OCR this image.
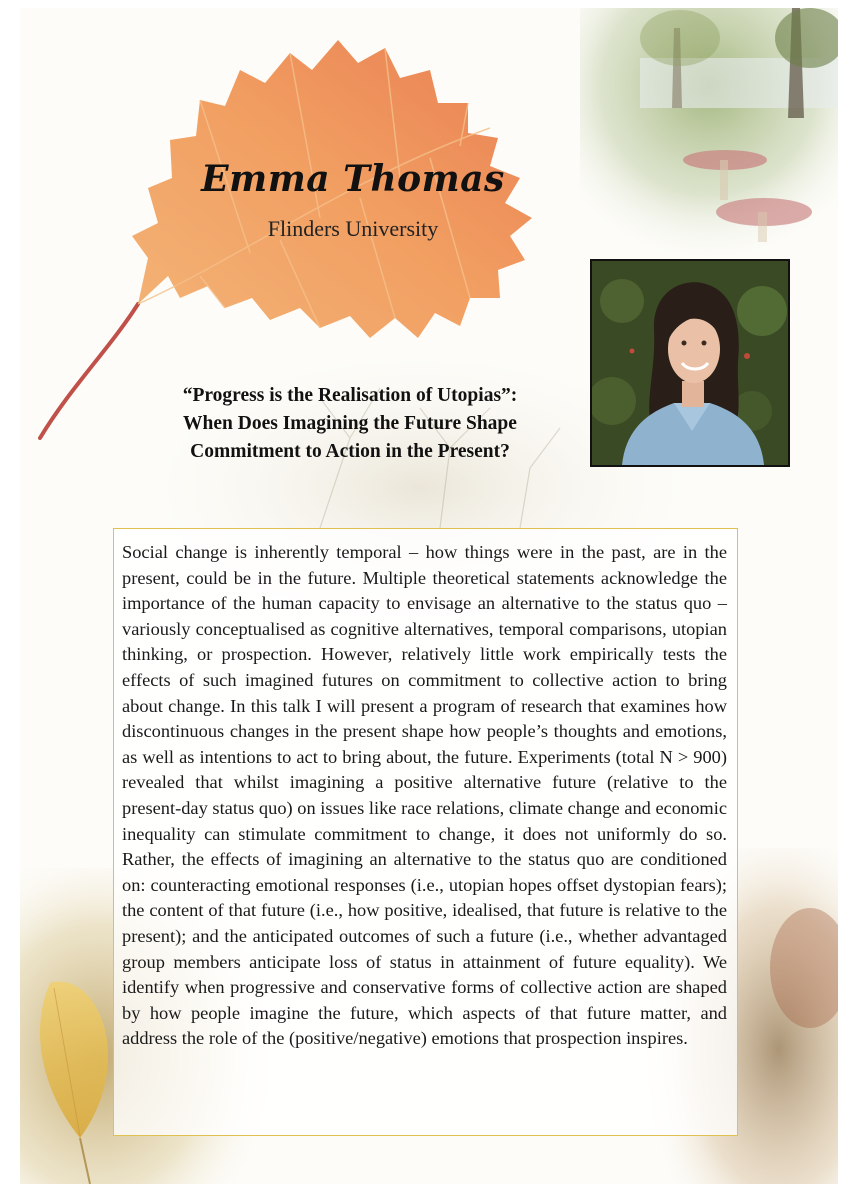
Emma Thomas
Flinders University
“Progress is the Realisation of Utopias”:
When Does Imagining the Future Shape
Commitment to Action in the Present?
Social change is inherently temporal – how things were in the past, are in the present, could be in the future. Multiple theoretical statements acknowledge the importance of the human capacity to envisage an alternative to the status quo – variously conceptualised as cognitive alternatives, temporal comparisons, utopian thinking, or prospection. However, relatively little work empirically tests the effects of such imagined futures on commitment to collective action to bring about change. In this talk I will present a program of research that examines how discontinuous changes in the present shape how people’s thoughts and emotions, as well as intentions to act to bring about, the future. Experiments (total N > 900) revealed that whilst imagining a positive alternative future (relative to the present-day status quo) on issues like race relations, climate change and economic inequality can stimulate commitment to change, it does not uniformly do so. Rather, the effects of imagining an alternative to the status quo are conditioned on: counteracting emotional responses (i.e., utopian hopes offset dystopian fears); the content of that future (i.e., how positive, idealised, that future is relative to the present); and the anticipated outcomes of such a future (i.e., whether advantaged group members anticipate loss of status in attainment of future equality). We identify when progressive and conservative forms of collective action are shaped by how people imagine the future, which aspects of that future matter, and address the role of the (positive/negative) emotions that prospection inspires.
